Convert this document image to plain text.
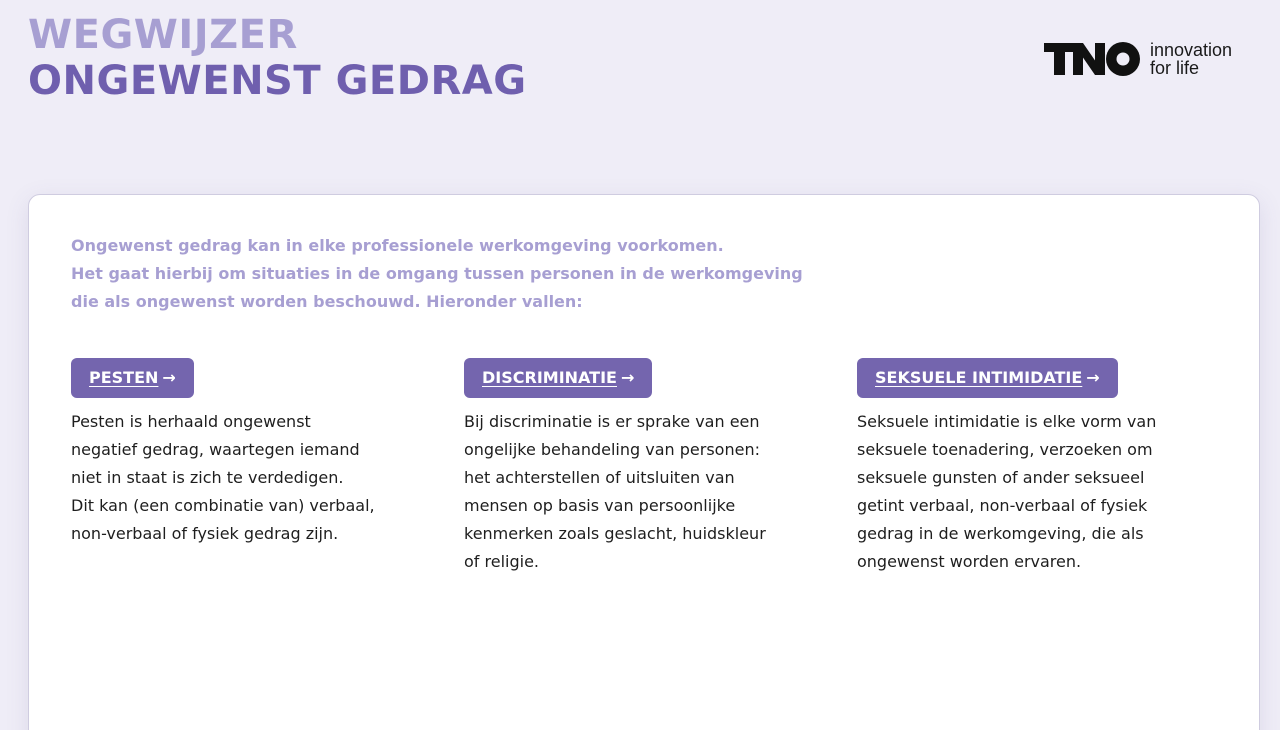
WEGWIJZER
ONGEWENST GEDRAG
innovation
for life

Ongewenst gedrag kan in elke professionele werkomgeving voorkomen.
Het gaat hierbij om situaties in de omgang tussen personen in de werkomgeving
die als ongewenst worden beschouwd. Hieronder vallen:

PESTEN →

Pesten is herhaald ongewenst
negatief gedrag, waartegen iemand
niet in staat is zich te verdedigen.
Dit kan (een combinatie van) verbaal,
non-verbaal of fysiek gedrag zijn.

DISCRIMINATIE →

Bij discriminatie is er sprake van een
ongelijke behandeling van personen:
het achterstellen of uitsluiten van
mensen op basis van persoonlijke
kenmerken zoals geslacht, huidskleur
of religie.

SEKSUELE INTIMIDATIE →

Seksuele intimidatie is elke vorm van
seksuele toenadering, verzoeken om
seksuele gunsten of ander seksueel
getint verbaal, non-verbaal of fysiek
gedrag in de werkomgeving, die als
ongewenst worden ervaren.
